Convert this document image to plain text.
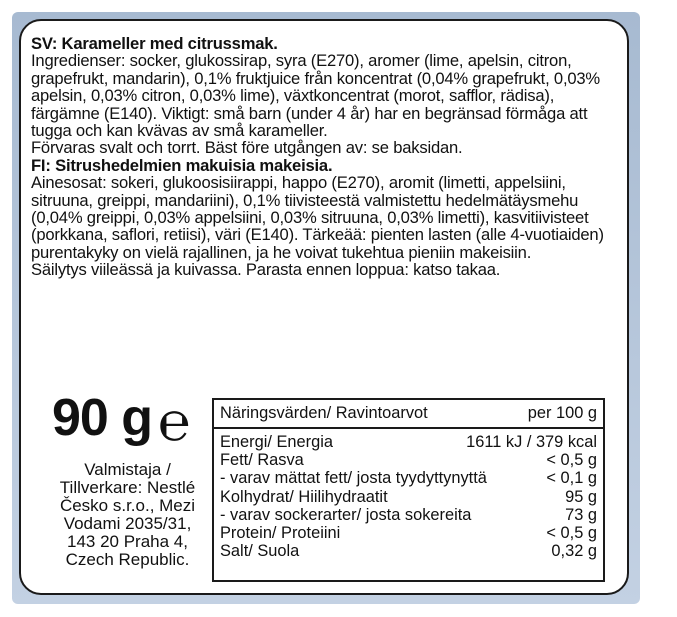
SV: Karameller med citrussmak.

Ingredienser: socker, glukossirap, syra (E270), aromer (lime, apelsin, citron, grapefrukt, mandarin), 0,1% fruktjuice från koncentrat (0,04% grapefrukt, 0,03% apelsin, 0,03% citron, 0,03% lime), växtkoncentrat (morot, safflor, rädisa), färgämne (E140). Viktigt: små barn (under 4 år) har en begränsad förmåga att tugga och kan kvävas av små karameller.

Förvaras svalt och torrt. Bäst före utgången av: se baksidan.

FI: Sitrushedelmien makuisia makeisia.

Ainesosat: sokeri, glukoosisiirappi, happo (E270), aromit (limetti, appelsiini, sitruuna, greippi, mandariini), 0,1% tiivisteestä valmistettu hedelmätäysmehu (0,04% greippi, 0,03% appelsiini, 0,03% sitruuna, 0,03% limetti), kasvitiivisteet (porkkana, saflori, retiisi), väri (E140). Tärkeää: pienten lasten (alle 4-vuotiaiden) purentakyky on vielä rajallinen, ja he voivat tukehtua pieniin makeisiin.

Säilytys viileässä ja kuivassa. Parasta ennen loppua: katso takaa.

90 g ℮
Valmistaja /
Tillverkare: Nestlé
Česko s.r.o., Mezi
Vodami 2035/31,
143 20 Praha 4,
Czech Republic.
Näringsvärden/ Ravintoarvot	per 100 g
Energi/ Energia	1611 kJ / 379 kcal
Fett/ Rasva	< 0,5 g
- varav mättat fett/ josta tyydyttynyttä	< 0,1 g
Kolhydrat/ Hiilihydraatit	95 g
- varav sockerarter/ josta sokereita	73 g
Protein/ Proteiini	< 0,5 g
Salt/ Suola	0,32 g
